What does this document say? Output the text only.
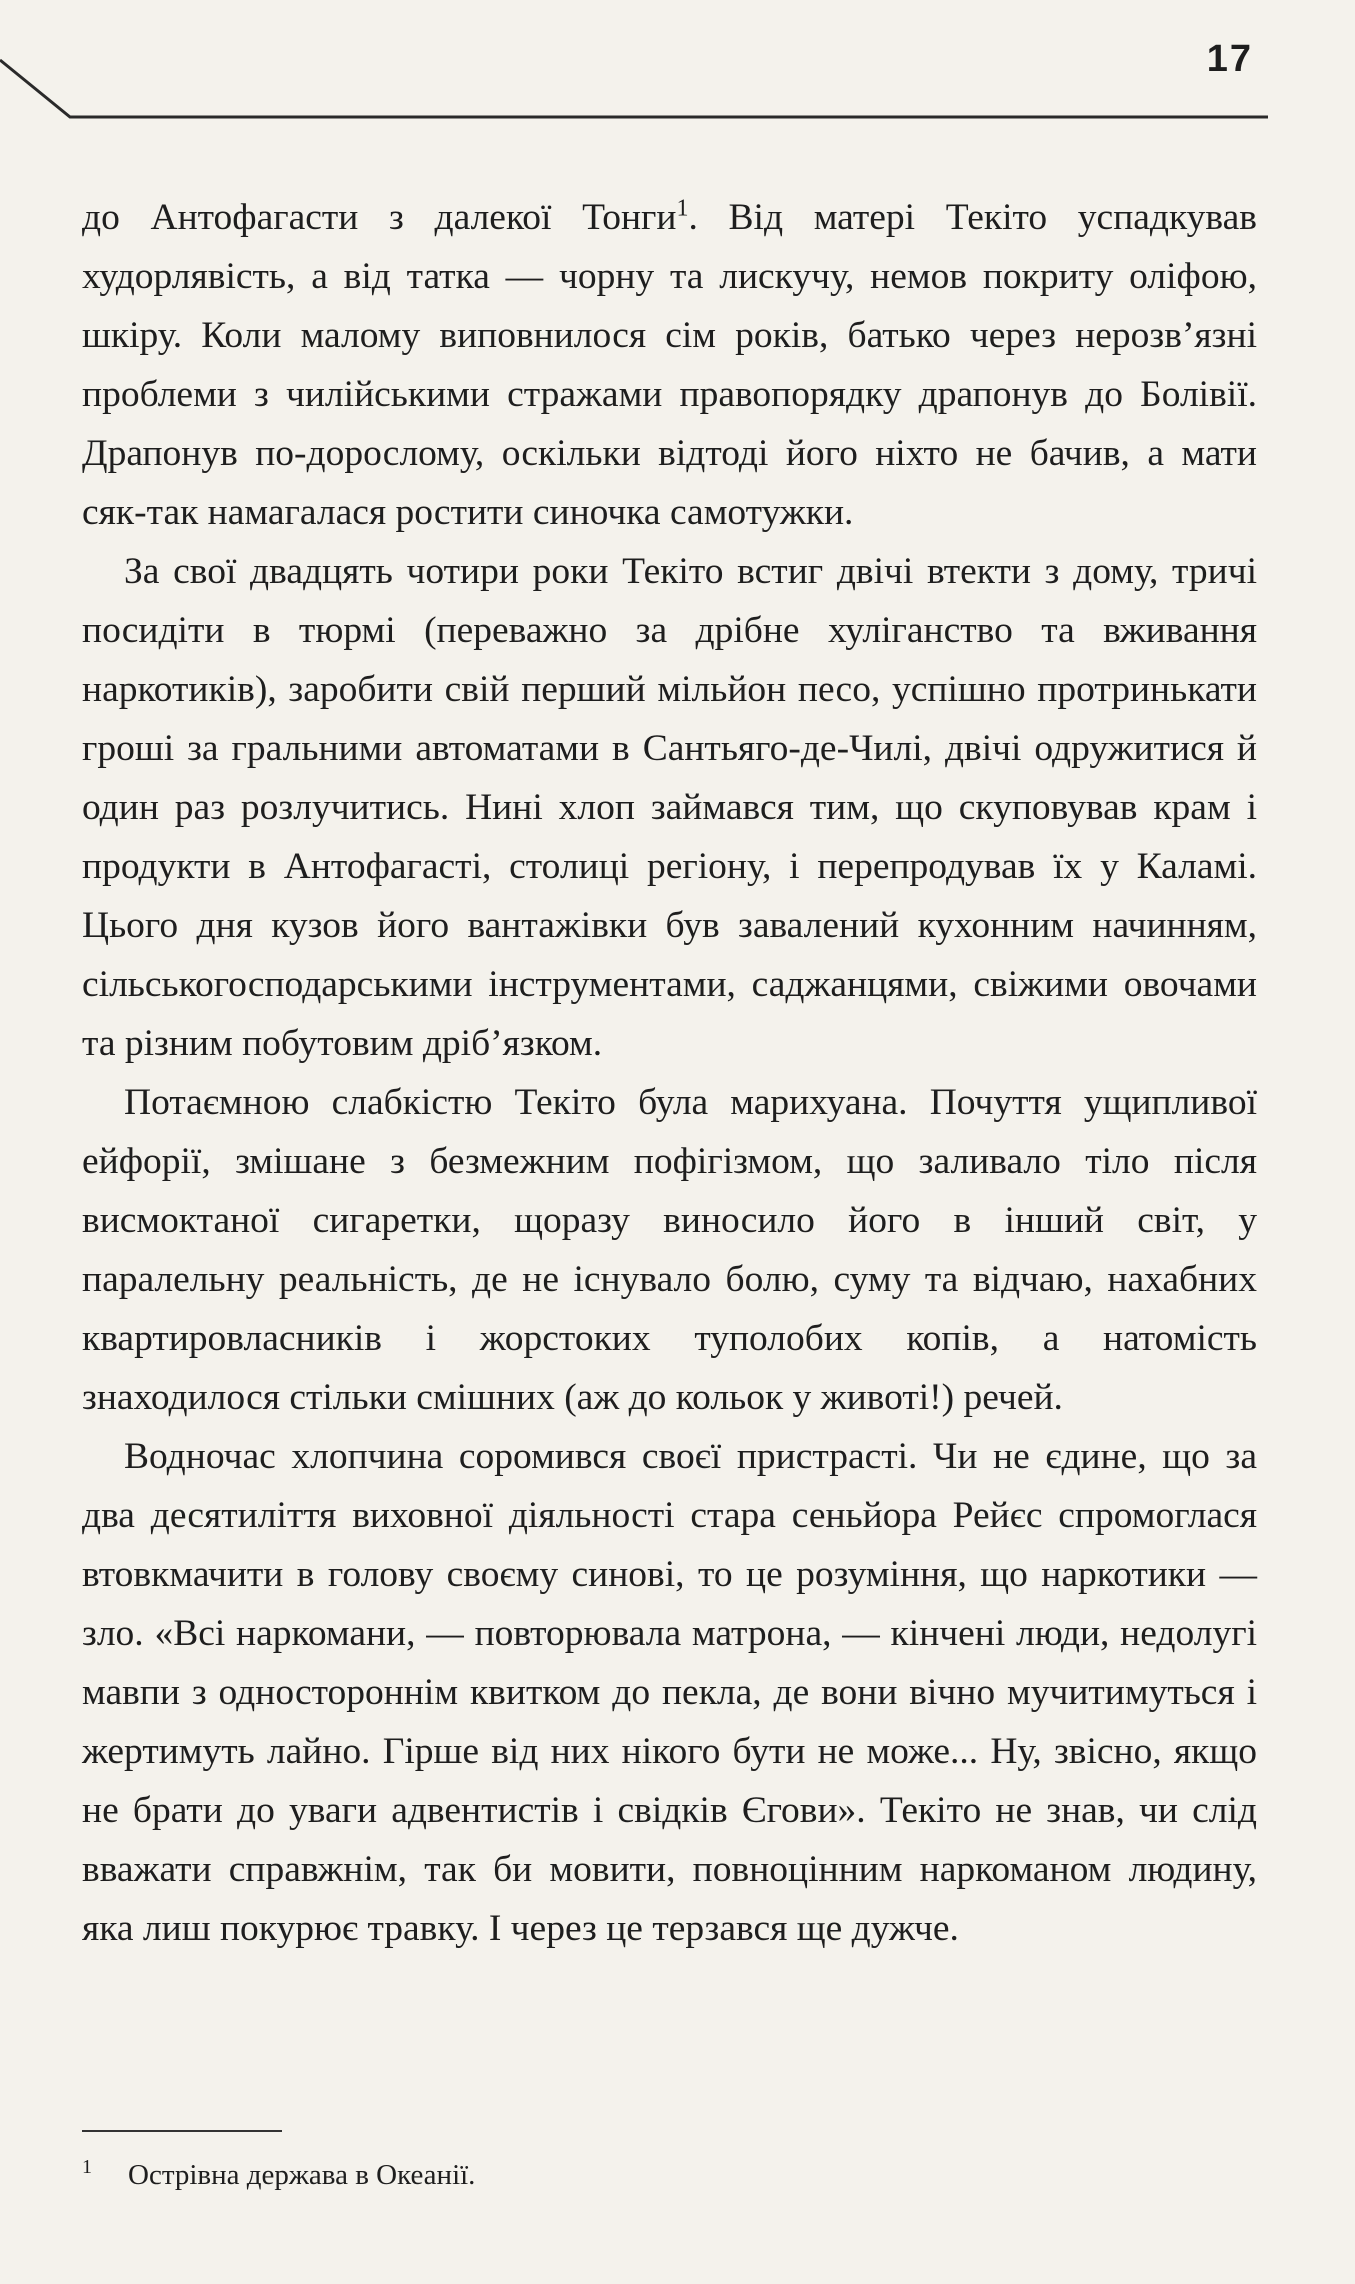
17

до Антофагасти з далекої Тонги$^1$. Від матері Текіто успадкував худорлявість, а від татка — чорну та лискучу, немов покриту оліфою, шкіру. Коли малому виповнилося сім років, батько через нерозв’язні проблеми з чилійськими стражами правопорядку драпонув до Болівії. Драпонув по-дорослому, оскільки відтоді його ніхто не бачив, а мати сяк-так намагалася ростити синочка самотужки.

За свої двадцять чотири роки Текіто встиг двічі втекти з дому, тричі посидіти в тюрмі (переважно за дрібне хуліганство та вживання наркотиків), заробити свій перший мільйон песо, успішно протринькати гроші за гральними автоматами в Сантьяго-де-Чилі, двічі одружитися й один раз розлучитись. Нині хлоп займався тим, що скуповував крам і продукти в Антофагасті, столиці регіону, і перепродував їх у Каламі. Цього дня кузов його вантажівки був завалений кухонним начинням, сільськогосподарськими інструментами, саджанцями, свіжими овочами та різним побутовим дріб’язком.

Потаємною слабкістю Текіто була марихуана. Почуття ущипливої ейфорії, змішане з безмежним пофігізмом, що заливало тіло після висмоктаної сигаретки, щоразу виносило його в інший світ, у паралельну реальність, де не існувало болю, суму та відчаю, нахабних квартировласників і жорстоких туполобих копів, а натомість знаходилося стільки смішних (аж до кольок у животі!) речей.

Водночас хлопчина соромився своєї пристрасті. Чи не єдине, що за два десятиліття виховної діяльності стара сеньйора Рейєс спромоглася втовкмачити в голову своєму синові, то це розуміння, що наркотики — зло. «Всі наркомани, — повторювала матрона, — кінчені люди, недолугі мавпи з одностороннім квитком до пекла, де вони вічно мучитимуться і жертимуть лайно. Гірше від них нікого бути не може... Ну, звісно, якщо не брати до уваги адвентистів і свідків Єгови». Текіто не знав, чи слід вважати справжнім, так би мовити, повноцінним наркоманом людину, яка лиш покурює травку. І через це терзався ще дужче.

1 Острівна держава в Океанії.
